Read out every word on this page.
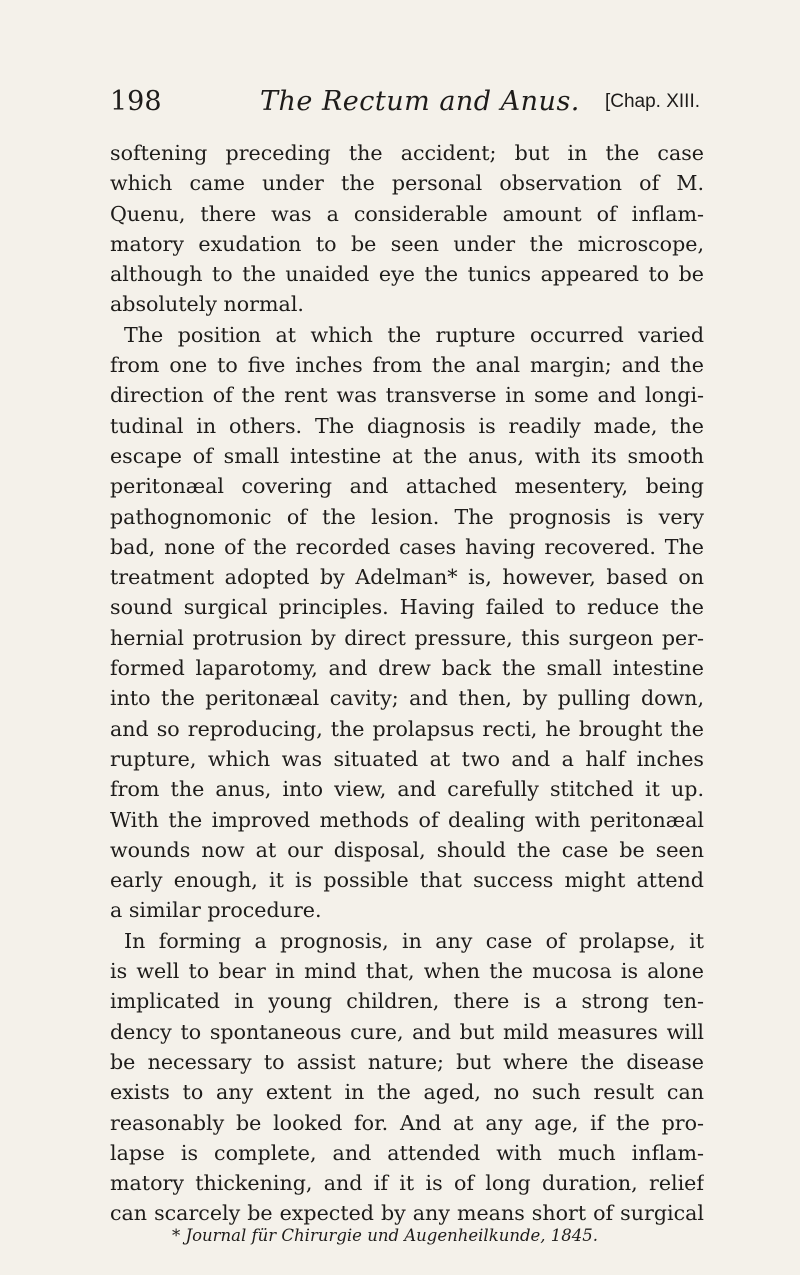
198	The Rectum and Anus. [Chap. XIII.
softening preceding the accident; but in the case
which came under the personal observation of M.
Quenu, there was a considerable amount of inflam-
matory exudation to be seen under the microscope,
although to the unaided eye the tunics appeared to be
absolutely normal.
The position at which the rupture occurred varied
from one to five inches from the anal margin; and the
direction of the rent was transverse in some and longi-
tudinal in others. The diagnosis is readily made, the
escape of small intestine at the anus, with its smooth
peritonæal covering and attached mesentery, being
pathognomonic of the lesion. The prognosis is very
bad, none of the recorded cases having recovered. The
treatment adopted by Adelman* is, however, based on
sound surgical principles. Having failed to reduce the
hernial protrusion by direct pressure, this surgeon per-
formed laparotomy, and drew back the small intestine
into the peritonæal cavity; and then, by pulling down,
and so reproducing, the prolapsus recti, he brought the
rupture, which was situated at two and a half inches
from the anus, into view, and carefully stitched it up.
With the improved methods of dealing with peritonæal
wounds now at our disposal, should the case be seen
early enough, it is possible that success might attend
a similar procedure.
In forming a prognosis, in any case of prolapse, it
is well to bear in mind that, when the mucosa is alone
implicated in young children, there is a strong ten-
dency to spontaneous cure, and but mild measures will
be necessary to assist nature; but where the disease
exists to any extent in the aged, no such result can
reasonably be looked for. And at any age, if the pro-
lapse is complete, and attended with much inflam-
matory thickening, and if it is of long duration, relief
can scarcely be expected by any means short of surgical
* Journal für Chirurgie und Augenheilkunde, 1845.
